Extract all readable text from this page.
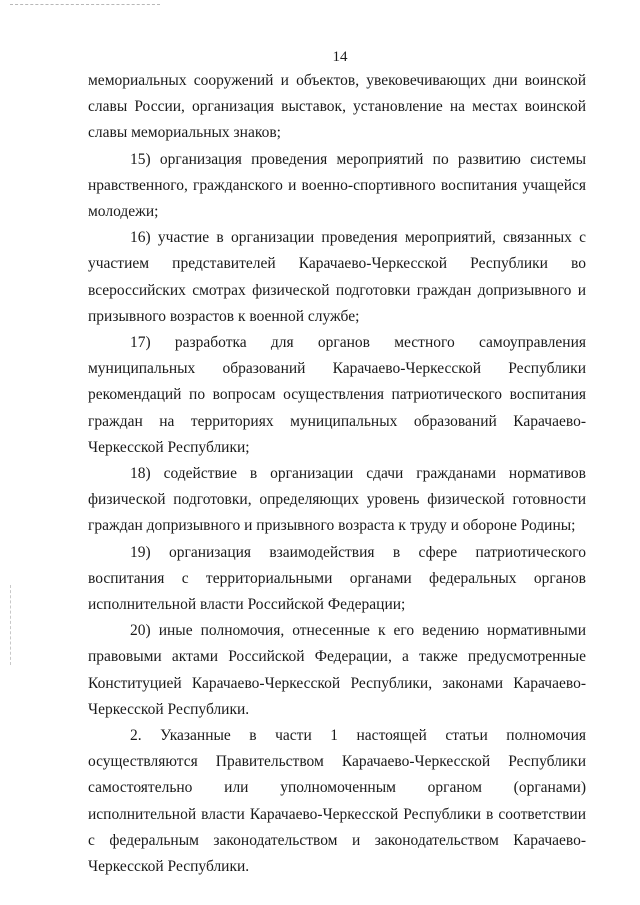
14

мемориальных сооружений и объектов, увековечивающих дни воинской славы России, организация выставок, установление на местах воинской славы мемориальных знаков;

15) организация проведения мероприятий по развитию системы нравственного, гражданского и военно-спортивного воспитания учащейся молодежи;

16) участие в организации проведения мероприятий, связанных с участием представителей Карачаево-Черкесской Республики во всероссийских смотрах физической подготовки граждан допризывного и призывного возрастов к военной службе;

17) разработка для органов местного самоуправления муниципальных образований Карачаево-Черкесской Республики рекомендаций по вопросам осуществления патриотического воспитания граждан на территориях муниципальных образований Карачаево-Черкесской Республики;

18) содействие в организации сдачи гражданами нормативов физической подготовки, определяющих уровень физической готовности граждан допризывного и призывного возраста к труду и обороне Родины;

19) организация взаимодействия в сфере патриотического воспитания с территориальными органами федеральных органов исполнительной власти Российской Федерации;

20) иные полномочия, отнесенные к его ведению нормативными правовыми актами Российской Федерации, а также предусмотренные Конституцией Карачаево-Черкесской Республики, законами Карачаево-Черкесской Республики.

2. Указанные в части 1 настоящей статьи полномочия осуществляются Правительством Карачаево-Черкесской Республики самостоятельно или уполномоченным органом (органами) исполнительной власти Карачаево-Черкесской Республики в соответствии с федеральным законодательством и законодательством Карачаево-Черкесской Республики.
